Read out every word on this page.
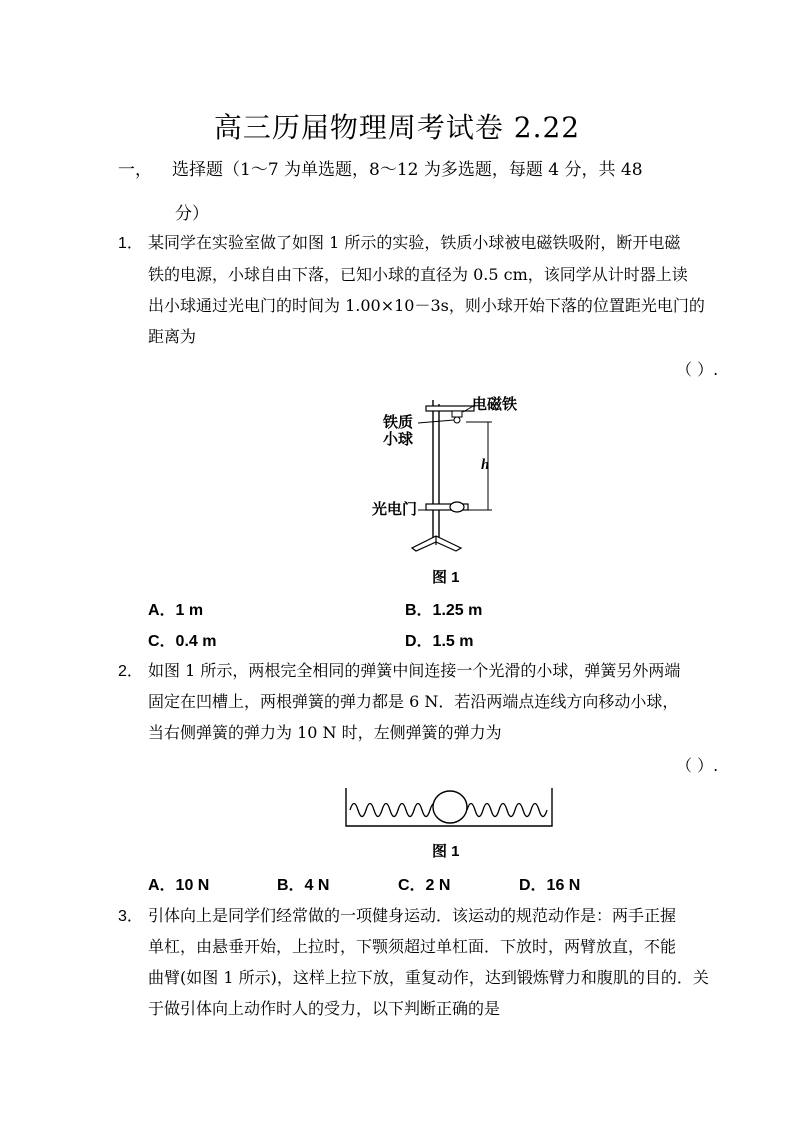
高三历届物理周考试卷 2.22
一， 选择题（1～7 为单选题，8～12 为多选题，每题 4 分，共 48
分）
1． 某同学在实验室做了如图 1 所示的实验，铁质小球被电磁铁吸附，断开电磁
铁的电源，小球自由下落，已知小球的直径为 0.5 cm，该同学从计时器上读
出小球通过光电门的时间为 1.00×10－3s，则小球开始下落的位置距光电门的
距离为
（ ）.
电磁铁
铁质
小球
h
光电门
图 1
A．1 m	B．1.25 m
C．0.4 m	D．1.5 m
2． 如图 1 所示，两根完全相同的弹簧中间连接一个光滑的小球，弹簧另外两端
固定在凹槽上，两根弹簧的弹力都是 6 N．若沿两端点连线方向移动小球，
当右侧弹簧的弹力为 10 N 时，左侧弹簧的弹力为
（ ）.
图 1
A．10 N	B．4 N	C．2 N	D．16 N
3． 引体向上是同学们经常做的一项健身运动．该运动的规范动作是：两手正握
单杠，由悬垂开始，上拉时，下颚须超过单杠面．下放时，两臂放直，不能
曲臂(如图 1 所示)，这样上拉下放，重复动作，达到锻炼臂力和腹肌的目的．关
于做引体向上动作时人的受力，以下判断正确的是
